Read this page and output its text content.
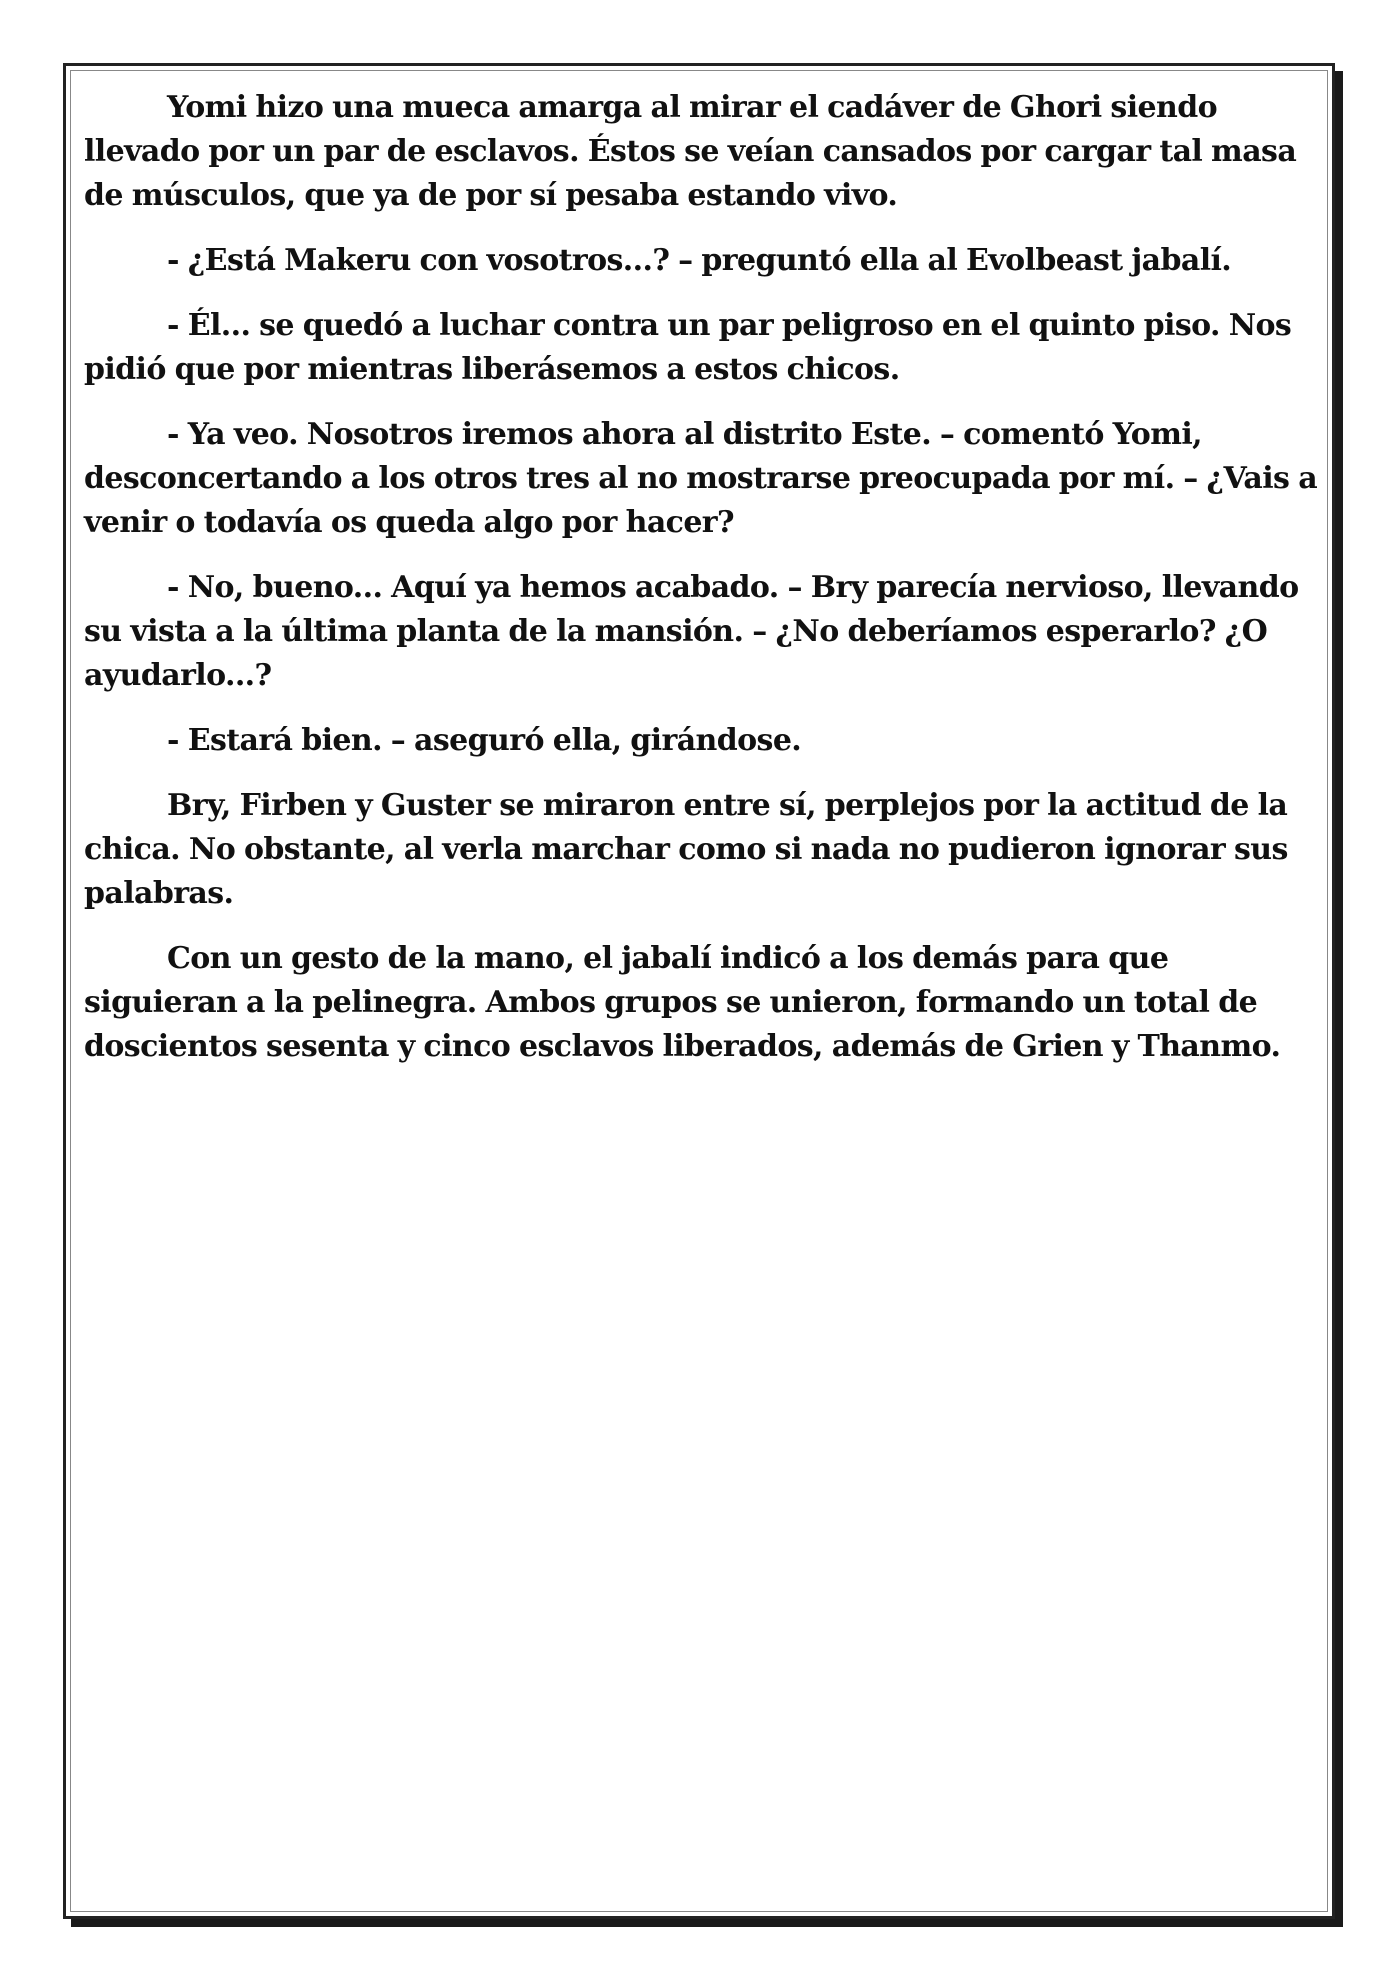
Yomi hizo una mueca amarga al mirar el cadáver de Ghori siendo llevado por un par de esclavos. Éstos se veían cansados por cargar tal masa de músculos, que ya de por sí pesaba estando vivo.

- ¿Está Makeru con vosotros...? – preguntó ella al Evolbeast jabalí.

- Él... se quedó a luchar contra un par peligroso en el quinto piso. Nos pidió que por mientras liberásemos a estos chicos.

- Ya veo. Nosotros iremos ahora al distrito Este. – comentó Yomi, desconcertando a los otros tres al no mostrarse preocupada por mí. – ¿Vais a venir o todavía os queda algo por hacer?

- No, bueno... Aquí ya hemos acabado. – Bry parecía nervioso, llevando su vista a la última planta de la mansión. – ¿No deberíamos esperarlo? ¿O ayudarlo...?

- Estará bien. – aseguró ella, girándose.

Bry, Firben y Guster se miraron entre sí, perplejos por la actitud de la chica. No obstante, al verla marchar como si nada no pudieron ignorar sus palabras.

Con un gesto de la mano, el jabalí indicó a los demás para que siguieran a la pelinegra. Ambos grupos se unieron, formando un total de doscientos sesenta y cinco esclavos liberados, además de Grien y Thanmo.
